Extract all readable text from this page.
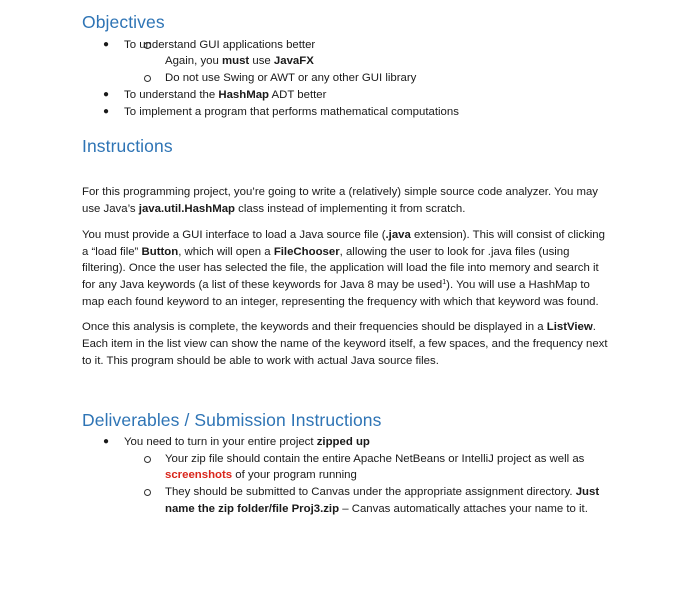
Objectives
● To understand GUI applications better
Again, you must use JavaFX
Do not use Swing or AWT or any other GUI library
● To understand the HashMap ADT better
● To implement a program that performs mathematical computations
Instructions
For this programming project, you’re going to write a (relatively) simple source code analyzer. You may
use Java’s java.util.HashMap class instead of implementing it from scratch.
You must provide a GUI interface to load a Java source file (.java extension). This will consist of clicking
a “load file” Button, which will open a FileChooser, allowing the user to look for .java files (using
filtering). Once the user has selected the file, the application will load the file into memory and search it
for any Java keywords (a list of these keywords for Java 8 may be used$^1$). You will use a HashMap to
map each found keyword to an integer, representing the frequency with which that keyword was found.
Once this analysis is complete, the keywords and their frequencies should be displayed in a ListView.
Each item in the list view can show the name of the keyword itself, a few spaces, and the frequency next
to it. This program should be able to work with actual Java source files.
Deliverables / Submission Instructions
● You need to turn in your entire project zipped up
Your zip file should contain the entire Apache NetBeans or IntelliJ project as well as
screenshots of your program running
They should be submitted to Canvas under the appropriate assignment directory. Just
name the zip folder/file Proj3.zip – Canvas automatically attaches your name to it.
